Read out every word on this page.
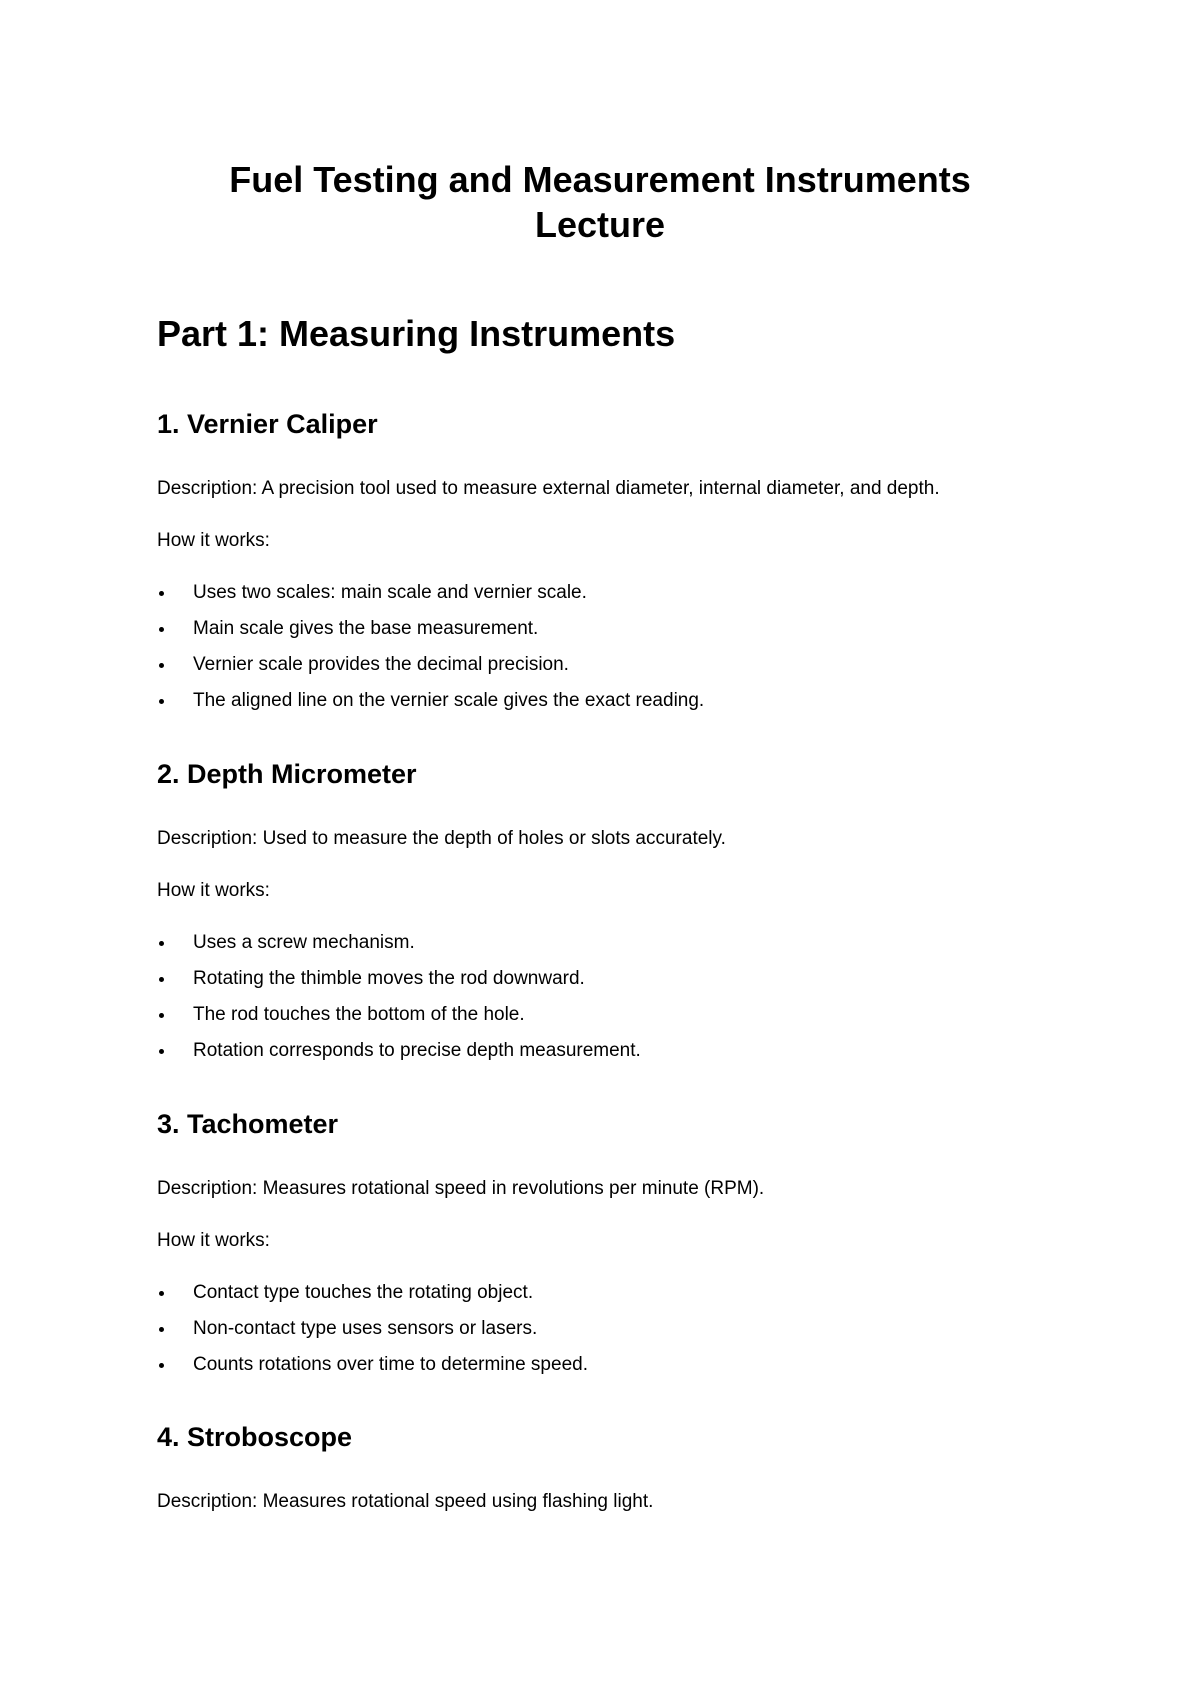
Fuel Testing and Measurement Instruments
Lecture
Part 1: Measuring Instruments
1. Vernier Caliper

Description: A precision tool used to measure external diameter, internal diameter, and depth.

How it works:

Uses two scales: main scale and vernier scale.
Main scale gives the base measurement.
Vernier scale provides the decimal precision.
The aligned line on the vernier scale gives the exact reading.
2. Depth Micrometer

Description: Used to measure the depth of holes or slots accurately.

How it works:

Uses a screw mechanism.
Rotating the thimble moves the rod downward.
The rod touches the bottom of the hole.
Rotation corresponds to precise depth measurement.
3. Tachometer

Description: Measures rotational speed in revolutions per minute (RPM).

How it works:

Contact type touches the rotating object.
Non-contact type uses sensors or lasers.
Counts rotations over time to determine speed.
4. Stroboscope

Description: Measures rotational speed using flashing light.
